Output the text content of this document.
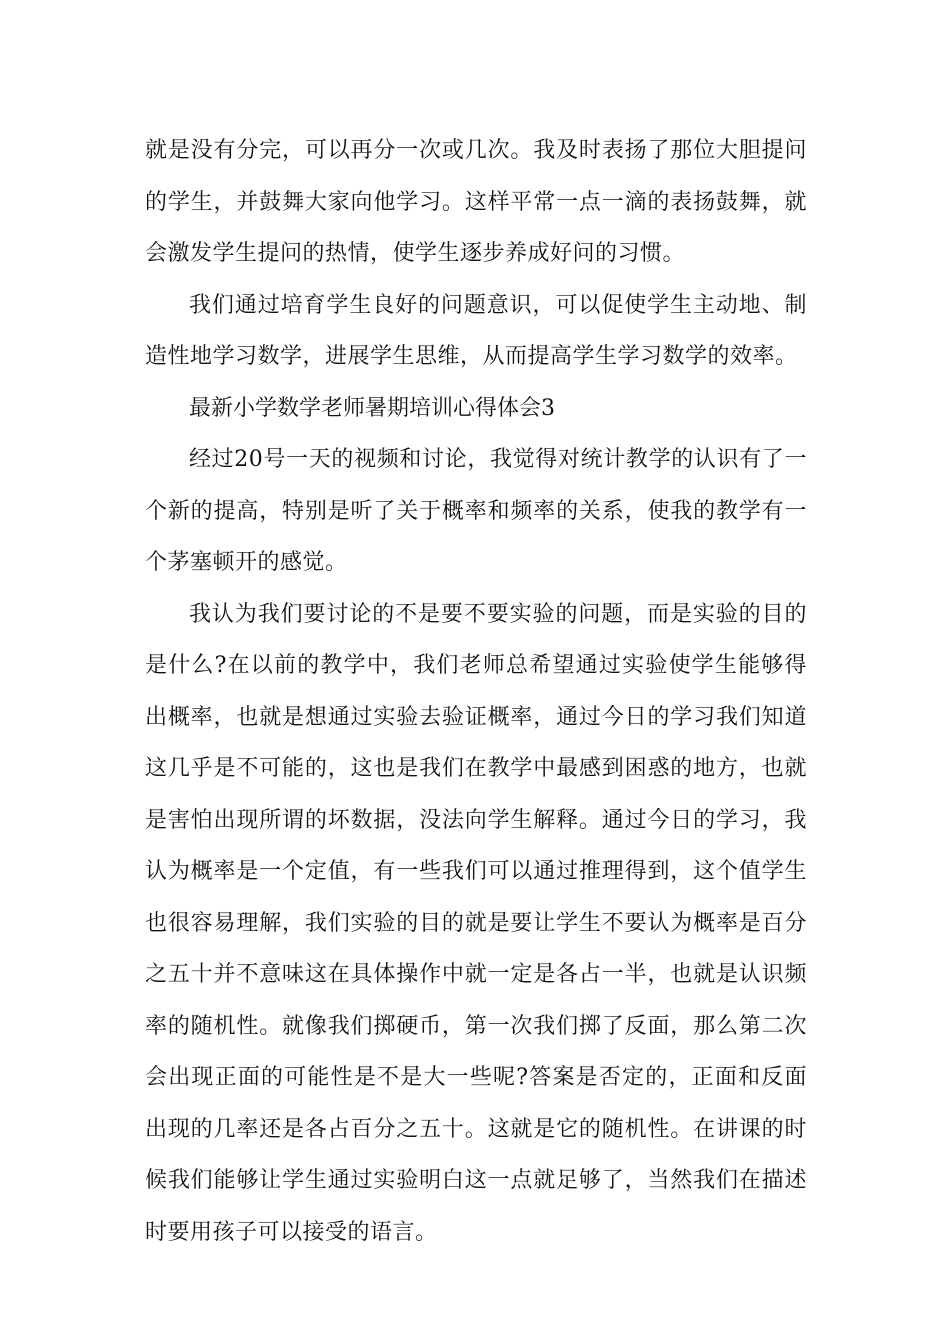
就是没有分完，可以再分一次或几次。我及时表扬了那位大胆提问的学生，并鼓舞大家向他学习。这样平常一点一滴的表扬鼓舞，就会激发学生提问的热情，使学生逐步养成好问的习惯。

我们通过培育学生良好的问题意识，可以促使学生主动地、制造性地学习数学，进展学生思维，从而提高学生学习数学的效率。

最新小学数学老师暑期培训心得体会3

经过20号一天的视频和讨论，我觉得对统计教学的认识有了一个新的提高，特别是听了关于概率和频率的关系，使我的教学有一个茅塞顿开的感觉。

我认为我们要讨论的不是要不要实验的问题，而是实验的目的是什么?在以前的教学中，我们老师总希望通过实验使学生能够得出概率，也就是想通过实验去验证概率，通过今日的学习我们知道这几乎是不可能的，这也是我们在教学中最感到困惑的地方，也就是害怕出现所谓的坏数据，没法向学生解释。通过今日的学习，我认为概率是一个定值，有一些我们可以通过推理得到，这个值学生也很容易理解，我们实验的目的就是要让学生不要认为概率是百分之五十并不意味这在具体操作中就一定是各占一半，也就是认识频率的随机性。就像我们掷硬币，第一次我们掷了反面，那么第二次会出现正面的可能性是不是大一些呢?答案是否定的，正面和反面出现的几率还是各占百分之五十。这就是它的随机性。在讲课的时候我们能够让学生通过实验明白这一点就足够了，当然我们在描述时要用孩子可以接受的语言。
